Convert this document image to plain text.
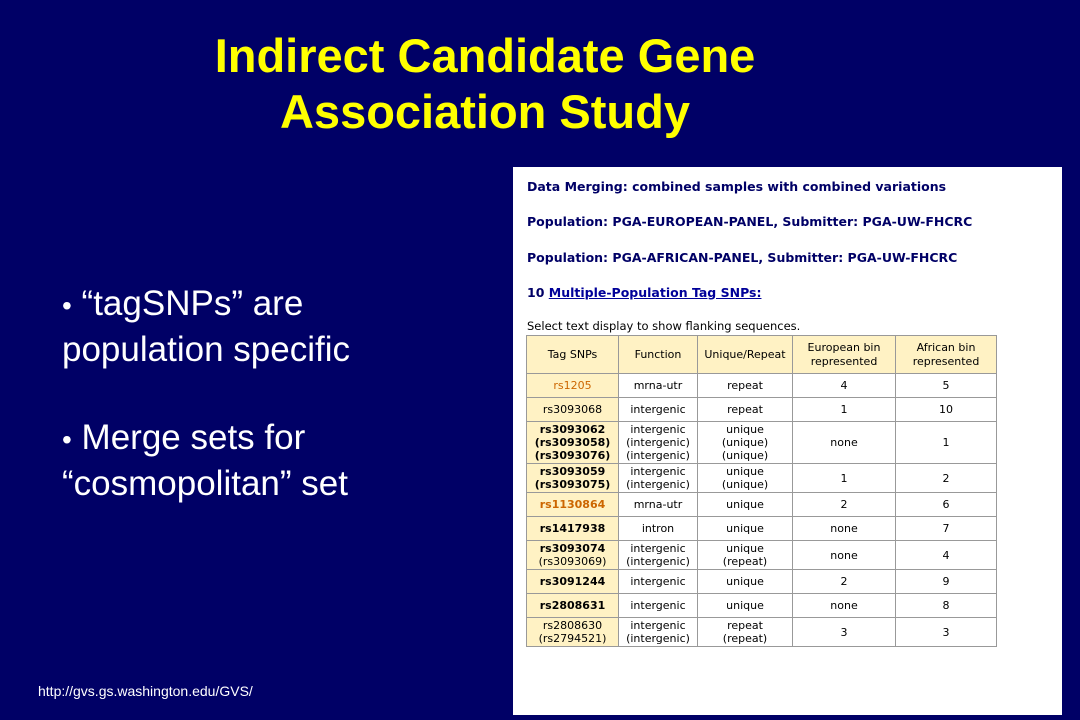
Indirect Candidate Gene
Association Study
• “tagSNPs” are
population specific
• Merge sets for
“cosmopolitan” set
http://gvs.gs.washington.edu/GVS/
Data Merging: combined samples with combined variations
Population: PGA-EUROPEAN-PANEL, Submitter: PGA-UW-FHCRC
Population: PGA-AFRICAN-PANEL, Submitter: PGA-UW-FHCRC
10 Multiple-Population Tag SNPs:
Select text display to show flanking sequences.
Tag SNPs	Function	Unique/Repeat	European bin represented	African bin represented
rs1205	mrna-utr	repeat	4	5
rs3093068	intergenic	repeat	1	10
rs3093062
(rs3093058)
(rs3093076)	intergenic
(intergenic)
(intergenic)	unique
(unique)
(unique)	none	1
rs3093059
(rs3093075)	intergenic
(intergenic)	unique
(unique)	1	2
rs1130864	mrna-utr	unique	2	6
rs1417938	intron	unique	none	7
rs3093074
(rs3093069)	intergenic
(intergenic)	unique
(repeat)	none	4
rs3091244	intergenic	unique	2	9
rs2808631	intergenic	unique	none	8
rs2808630
(rs2794521)	intergenic
(intergenic)	repeat
(repeat)	3	3
